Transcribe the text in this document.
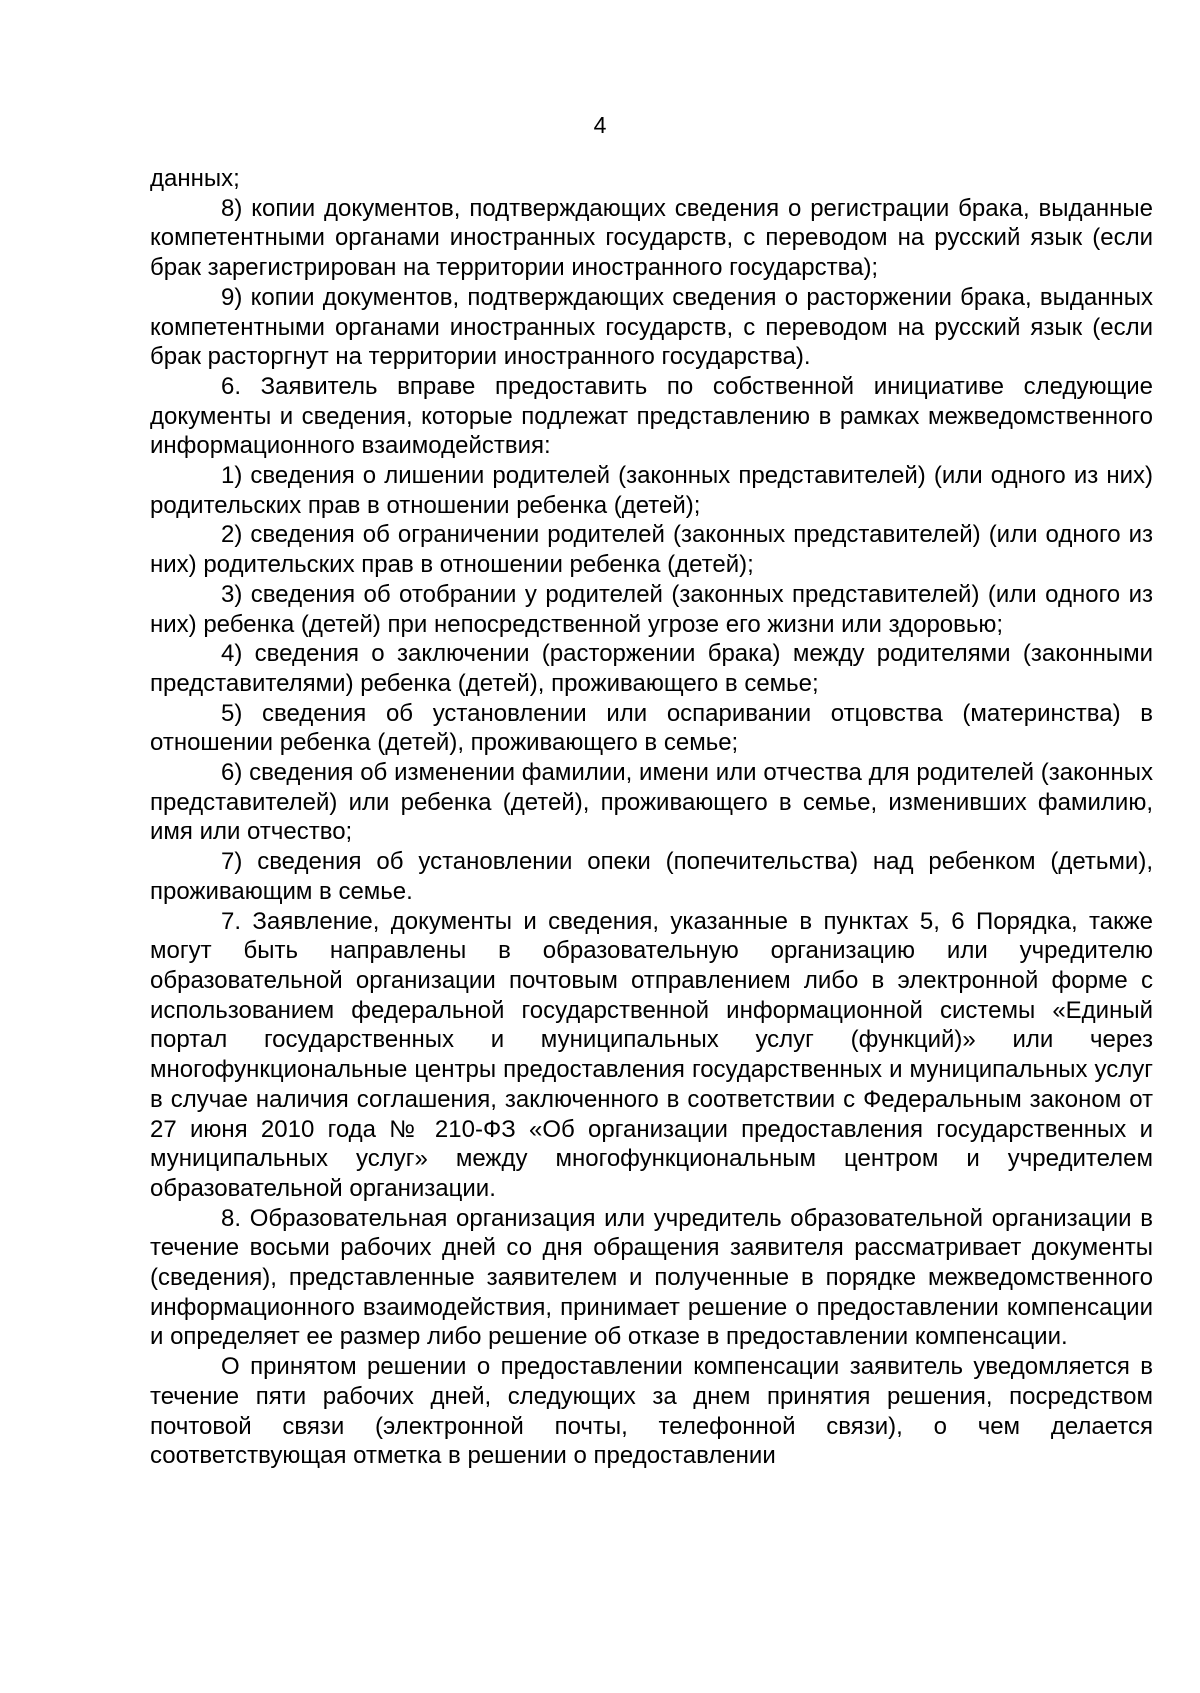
4

данных;

8) копии документов, подтверждающих сведения о регистрации брака, выданные компетентными органами иностранных государств, с переводом на русский язык (если брак зарегистрирован на территории иностранного государства);

9) копии документов, подтверждающих сведения о расторжении брака, выданных компетентными органами иностранных государств, с переводом на русский язык (если брак расторгнут на территории иностранного государства).

6. Заявитель вправе предоставить по собственной инициативе следующие документы и сведения, которые подлежат представлению в рамках межведомственного информационного взаимодействия:

1) сведения о лишении родителей (законных представителей) (или одного из них) родительских прав в отношении ребенка (детей);

2) сведения об ограничении родителей (законных представителей) (или одного из них) родительских прав в отношении ребенка (детей);

3) сведения об отобрании у родителей (законных представителей) (или одного из них) ребенка (детей) при непосредственной угрозе его жизни или здоровью;

4) сведения о заключении (расторжении брака) между родителями (законными представителями) ребенка (детей), проживающего в семье;

5) сведения об установлении или оспаривании отцовства (материнства) в отношении ребенка (детей), проживающего в семье;

6) сведения об изменении фамилии, имени или отчества для родителей (законных представителей) или ребенка (детей), проживающего в семье, изменивших фамилию, имя или отчество;

7) сведения об установлении опеки (попечительства) над ребенком (детьми), проживающим в семье.

7. Заявление, документы и сведения, указанные в пунктах 5, 6 Порядка, также могут быть направлены в образовательную организацию или учредителю образовательной организации почтовым отправлением либо в электронной форме с использованием федеральной государственной информационной системы «Единый портал государственных и муниципальных услуг (функций)» или через многофункциональные центры предоставления государственных и муниципальных услуг в случае наличия соглашения, заключенного в соответствии с Федеральным законом от 27 июня 2010 года № 210-ФЗ «Об организации предоставления государственных и муниципальных услуг» между многофункциональным центром и учредителем образовательной организации.

8. Образовательная организация или учредитель образовательной организации в течение восьми рабочих дней со дня обращения заявителя рассматривает документы (сведения), представленные заявителем и полученные в порядке межведомственного информационного взаимодействия, принимает решение о предоставлении компенсации и определяет ее размер либо решение об отказе в предоставлении компенсации.

О принятом решении о предоставлении компенсации заявитель уведомляется в течение пяти рабочих дней, следующих за днем принятия решения, посредством почтовой связи (электронной почты, телефонной связи), о чем делается соответствующая отметка в решении о предоставлении
